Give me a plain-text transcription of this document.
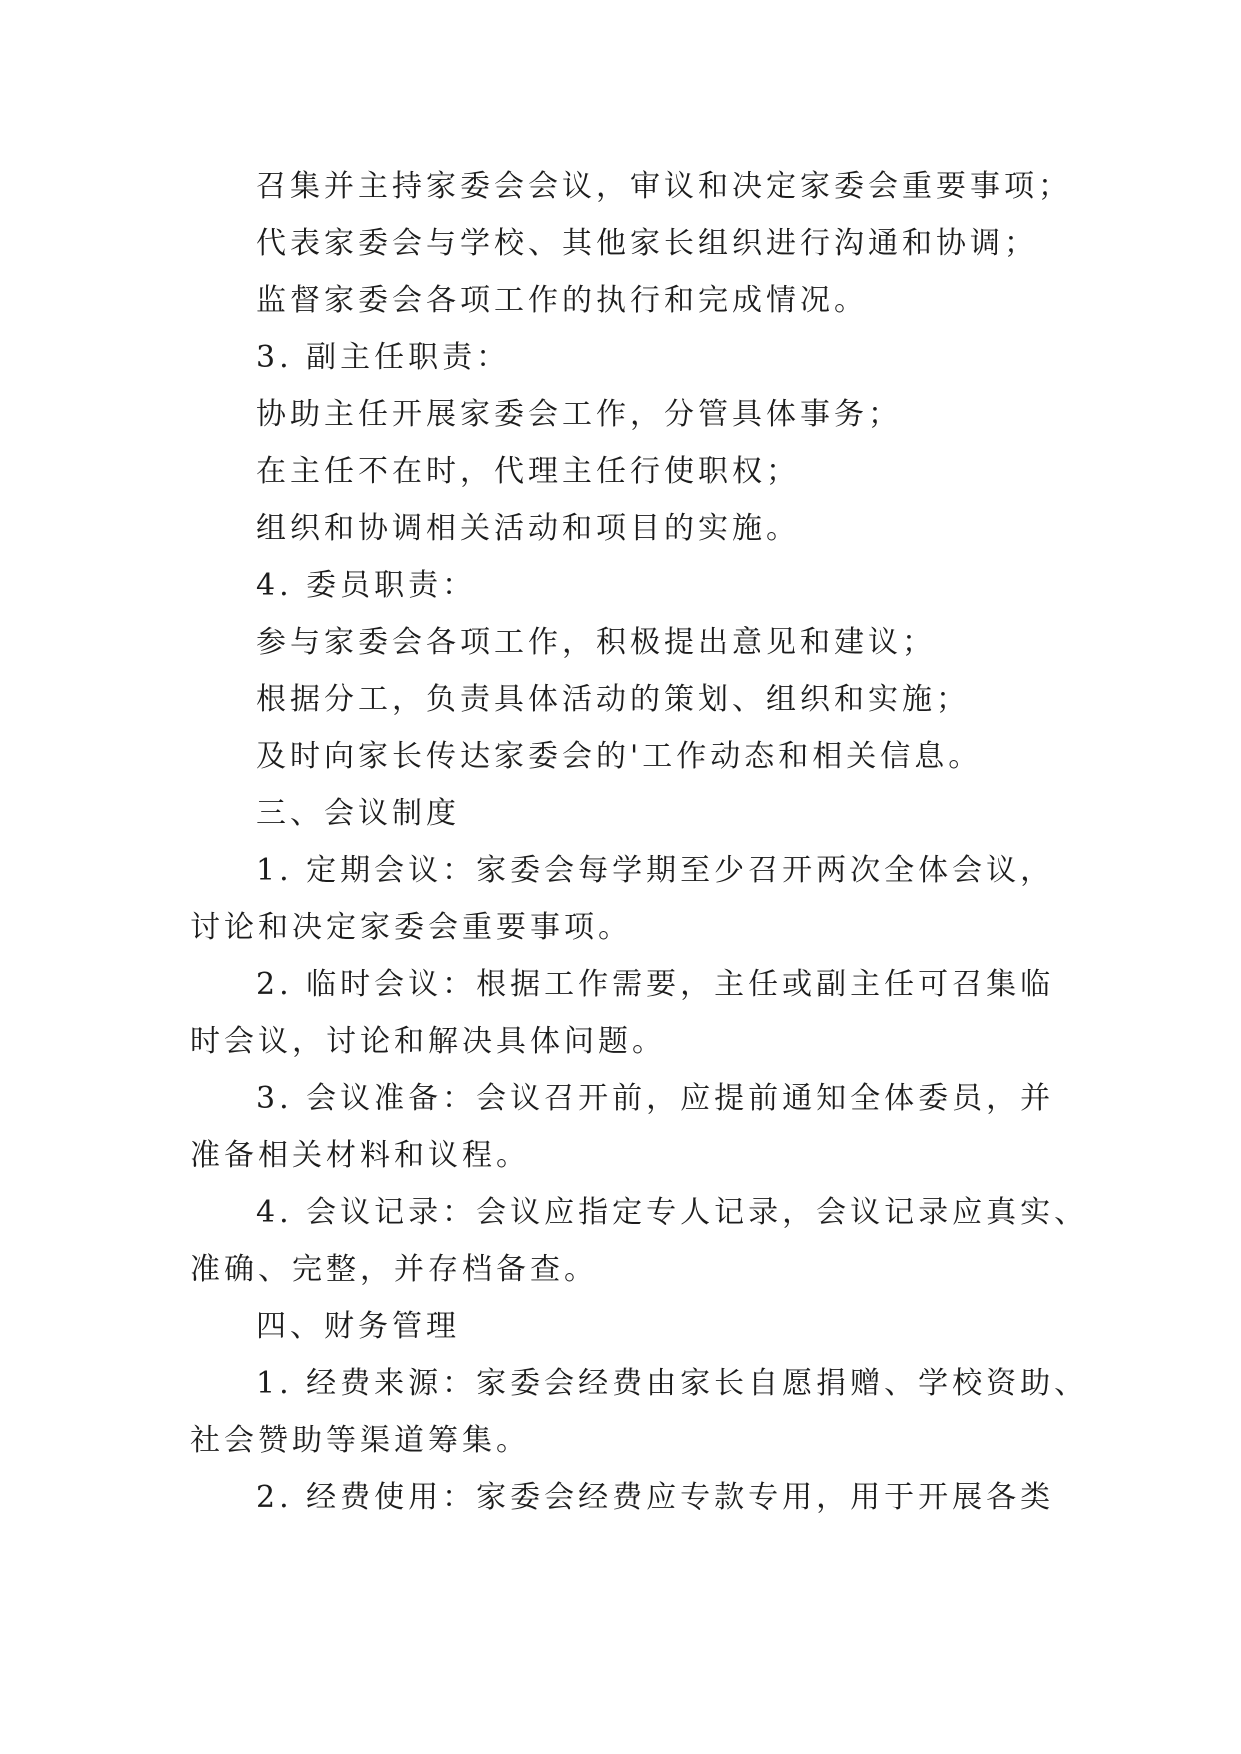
召集并主持家委会会议，审议和决定家委会重要事项；
代表家委会与学校、其他家长组织进行沟通和协调；
监督家委会各项工作的执行和完成情况。
3. 副主任职责：
协助主任开展家委会工作，分管具体事务；
在主任不在时，代理主任行使职权；
组织和协调相关活动和项目的实施。
4. 委员职责：
参与家委会各项工作，积极提出意见和建议；
根据分工，负责具体活动的策划、组织和实施；
及时向家长传达家委会的'工作动态和相关信息。
三、会议制度
1. 定期会议：家委会每学期至少召开两次全体会议，
讨论和决定家委会重要事项。
2. 临时会议：根据工作需要，主任或副主任可召集临
时会议，讨论和解决具体问题。
3. 会议准备：会议召开前，应提前通知全体委员，并
准备相关材料和议程。
4. 会议记录：会议应指定专人记录，会议记录应真实、
准确、完整，并存档备查。
四、财务管理
1. 经费来源：家委会经费由家长自愿捐赠、学校资助、
社会赞助等渠道筹集。
2. 经费使用：家委会经费应专款专用，用于开展各类
